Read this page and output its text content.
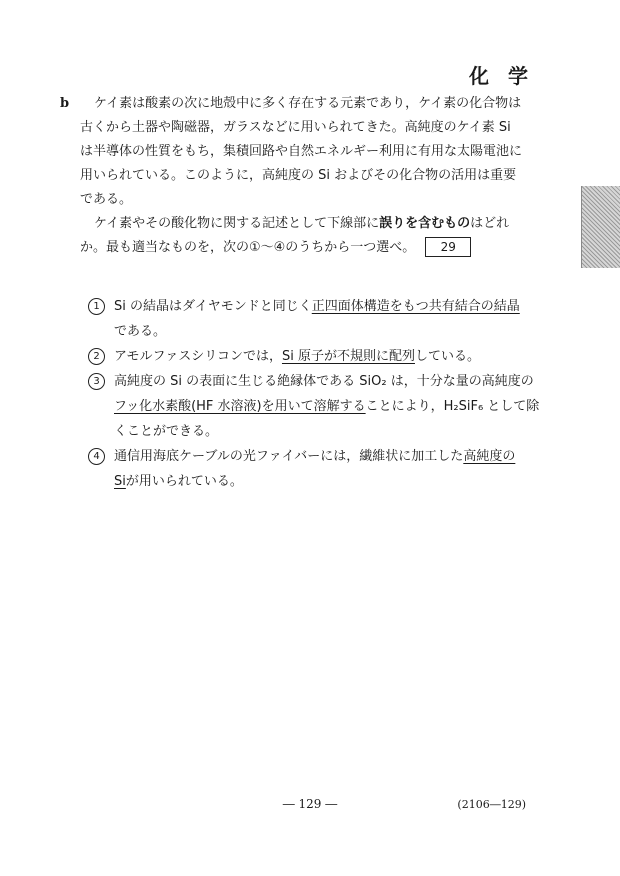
化 学
b	ケイ素は酸素の次に地殻中に多く存在する元素であり，ケイ素の化合物は
古くから土器や陶磁器，ガラスなどに用いられてきた。高純度のケイ素 Si
は半導体の性質をもち，集積回路や自然エネルギー利用に有用な太陽電池に
用いられている。このように，高純度の Si およびその化合物の活用は重要
である。
ケイ素やその酸化物に関する記述として下線部に誤りを含むものはどれ
か。最も適当なものを，次の①～④のうちから一つ選べ。 29
1	Si の結晶はダイヤモンドと同じく正四面体構造をもつ共有結合の結晶
である。
2	アモルファスシリコンでは，Si 原子が不規則に配列している。
3	高純度の Si の表面に生じる絶縁体である SiO₂ は，十分な量の高純度の
フッ化水素酸(HF 水溶液)を用いて溶解することにより，H₂SiF₆ として除
くことができる。
4	通信用海底ケーブルの光ファイバーには，繊維状に加工した高純度の
Siが用いられている。
― 129 ―	(2106―129)
